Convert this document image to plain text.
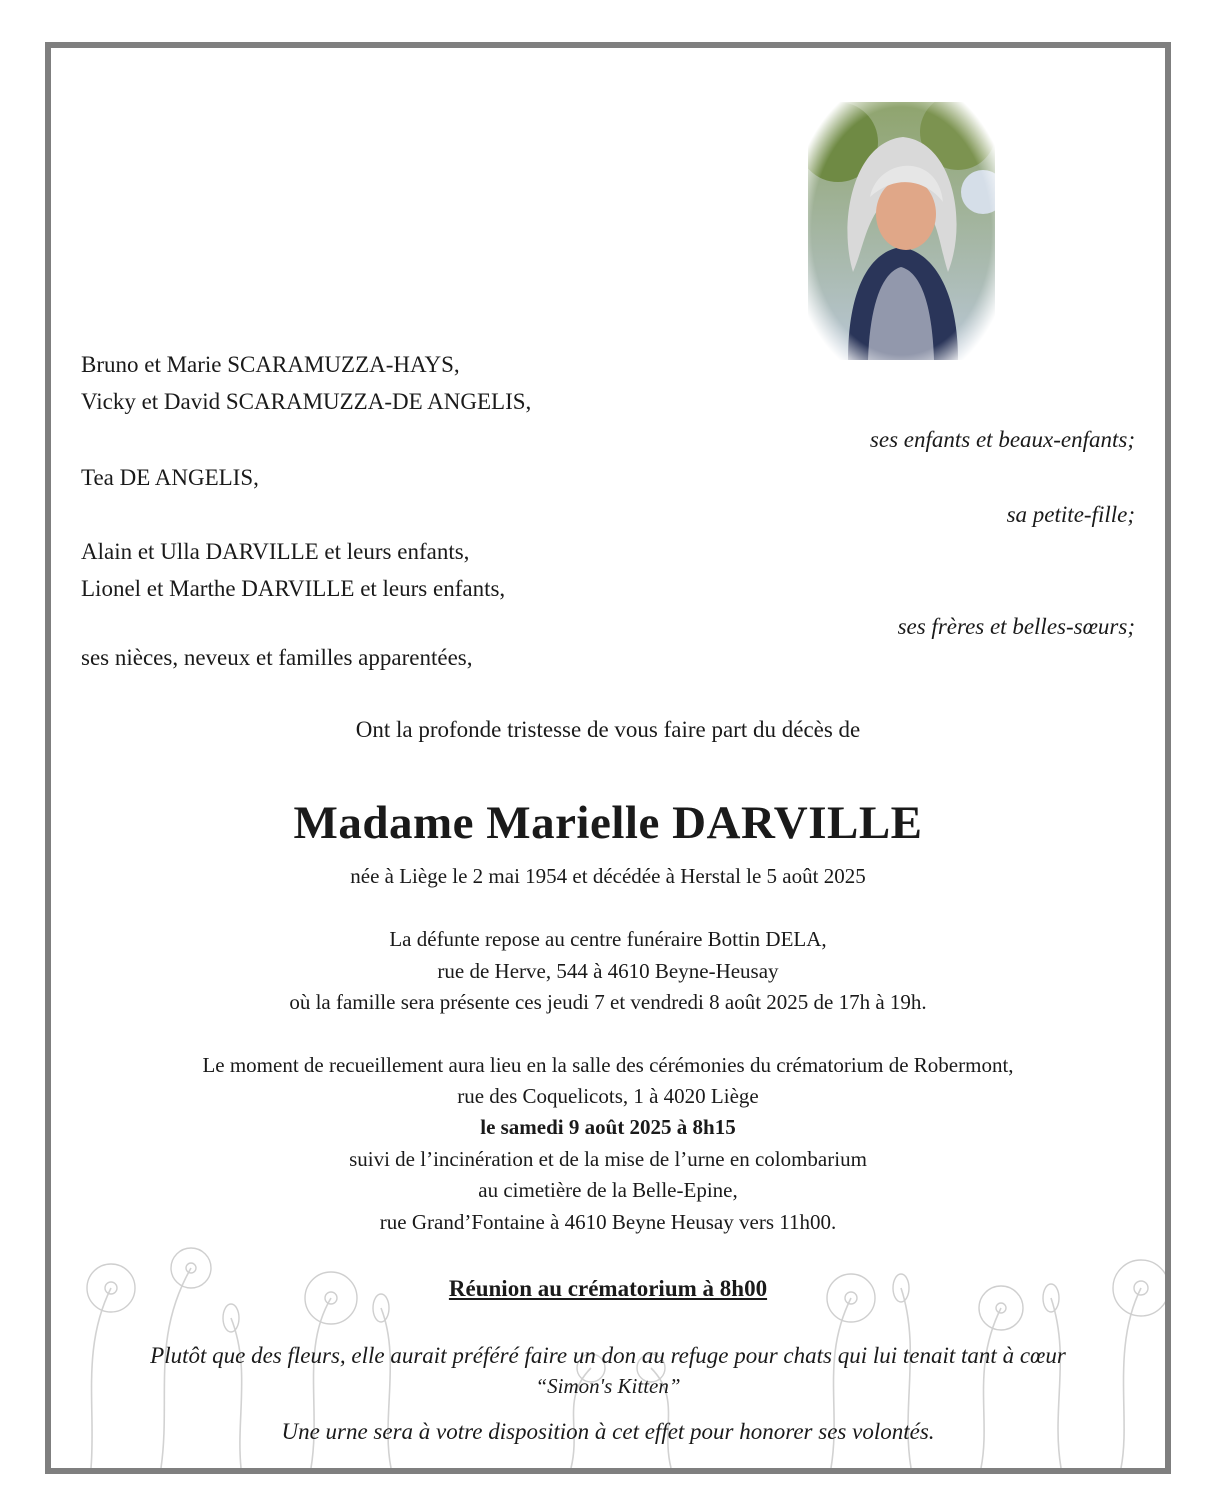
Bruno et Marie SCARAMUZZA-HAYS,
Vicky et David SCARAMUZZA-DE ANGELIS,
ses enfants et beaux-enfants;
Tea DE ANGELIS,
sa petite-fille;
Alain et Ulla DARVILLE et leurs enfants,
Lionel et Marthe DARVILLE et leurs enfants,
ses frères et belles-sœurs;
ses nièces, neveux et familles apparentées,
Ont la profonde tristesse de vous faire part du décès de
Madame Marielle DARVILLE
née à Liège le 2 mai 1954 et décédée à Herstal le 5 août 2025
La défunte repose au centre funéraire Bottin DELA,
rue de Herve, 544 à 4610 Beyne-Heusay
où la famille sera présente ces jeudi 7 et vendredi 8 août 2025 de 17h à 19h.
Le moment de recueillement aura lieu en la salle des cérémonies du crématorium de Robermont,
rue des Coquelicots, 1 à 4020 Liège
le samedi 9 août 2025 à 8h15
suivi de l’incinération et de la mise de l’urne en colombarium
au cimetière de la Belle-Epine,
rue Grand’Fontaine à 4610 Beyne Heusay vers 11h00.
Réunion au crématorium à 8h00
Plutôt que des fleurs, elle aurait préféré faire un don au refuge pour chats qui lui tenait tant à cœur
“Simon's Kitten”
Une urne sera à votre disposition à cet effet pour honorer ses volontés.
